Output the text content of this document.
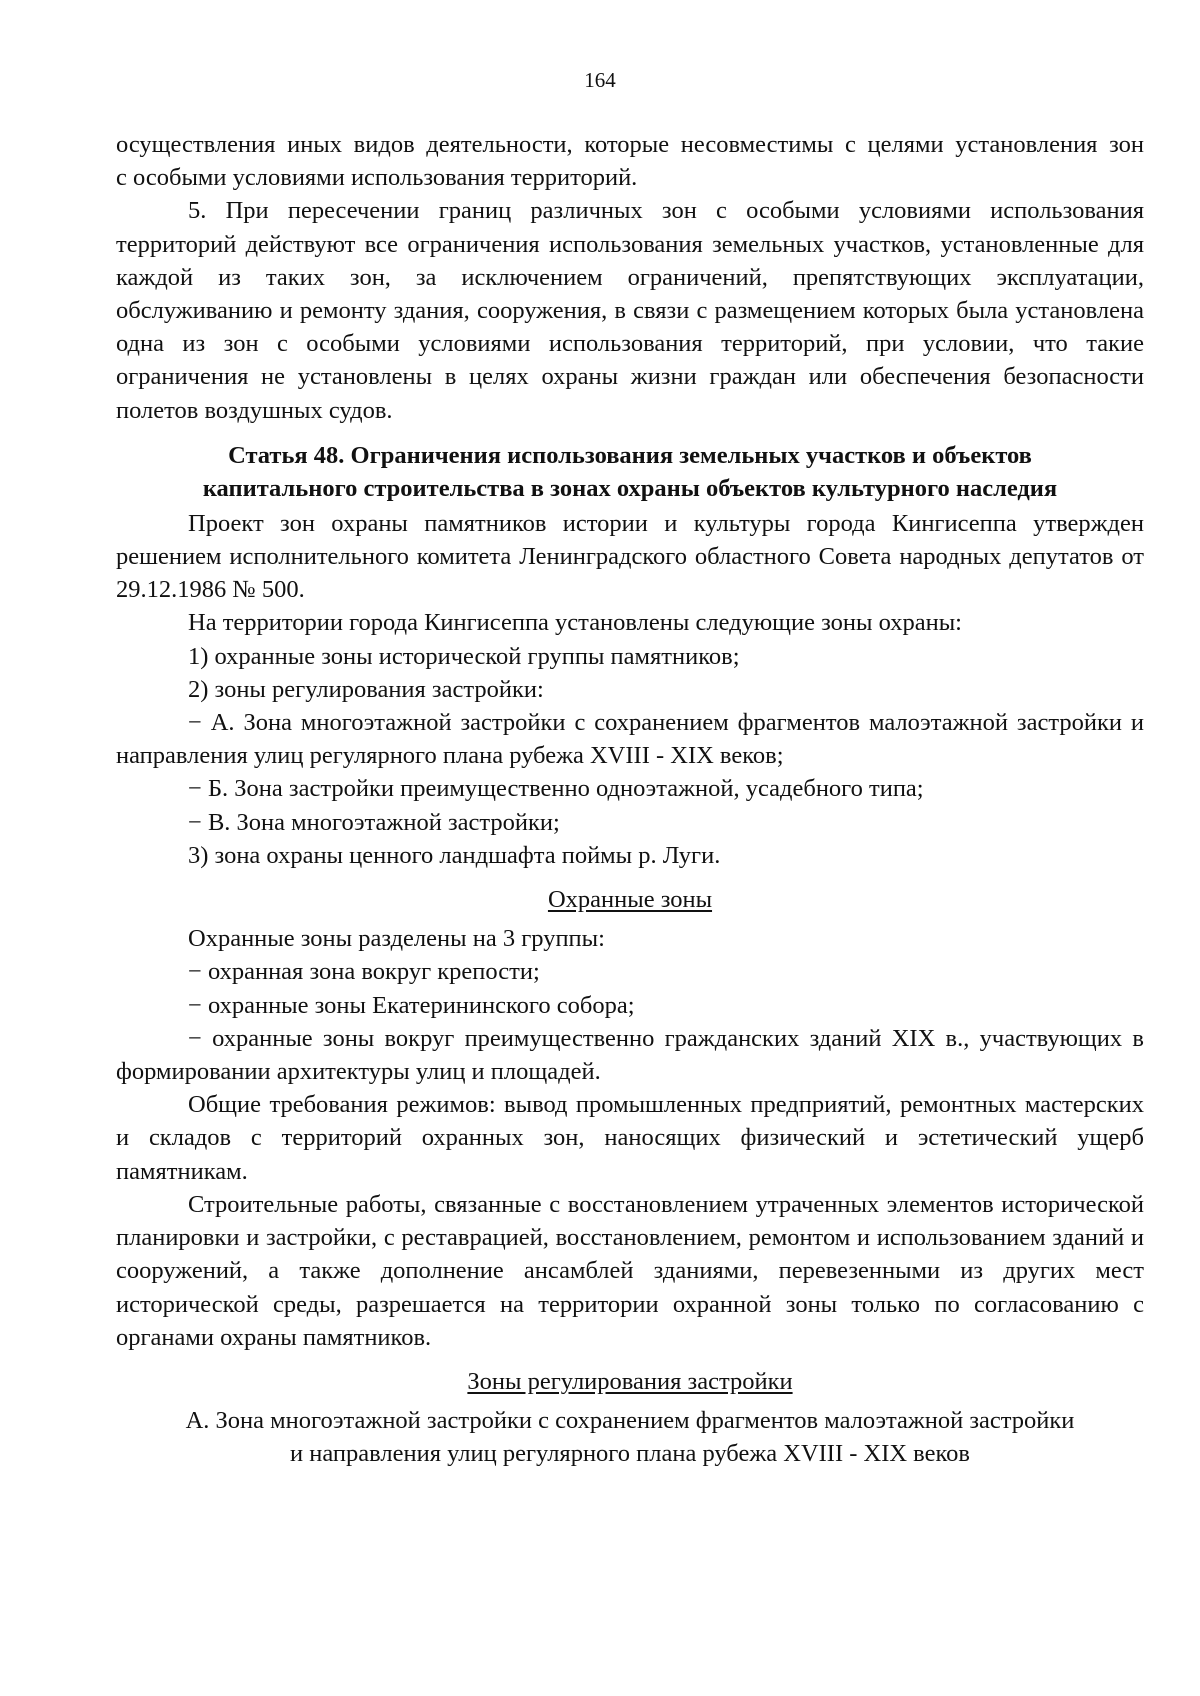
164

осуществления иных видов деятельности, которые несовместимы с целями установления зон

с особыми условиями использования территорий.

5. При пересечении границ различных зон с особыми условиями использования территорий действуют все ограничения использования земельных участков, установленные для каждой из таких зон, за исключением ограничений, препятствующих эксплуатации, обслуживанию и ремонту здания, сооружения, в связи с размещением которых была установлена одна из зон с особыми условиями использования территорий, при условии, что такие ограничения не установлены в целях охраны жизни граждан или обеспечения безопасности полетов воздушных судов.

Статья 48. Ограничения использования земельных участков и объектов
капитального строительства в зонах охраны объектов культурного наследия

Проект зон охраны памятников истории и культуры города Кингисеппа утвержден решением исполнительного комитета Ленинградского областного Совета народных депутатов от 29.12.1986 № 500.

На территории города Кингисеппа установлены следующие зоны охраны:

1) охранные зоны исторической группы памятников;

2) зоны регулирования застройки:

− А. Зона многоэтажной застройки с сохранением фрагментов малоэтажной застройки и направления улиц регулярного плана рубежа XVIII - XIX веков;

− Б. Зона застройки преимущественно одноэтажной, усадебного типа;

− В. Зона многоэтажной застройки;

3) зона охраны ценного ландшафта поймы р. Луги.

Охранные зоны

Охранные зоны разделены на 3 группы:

− охранная зона вокруг крепости;

− охранные зоны Екатерининского собора;

− охранные зоны вокруг преимущественно гражданских зданий XIX в., участвующих в формировании архитектуры улиц и площадей.

Общие требования режимов: вывод промышленных предприятий, ремонтных мастерских и складов с территорий охранных зон, наносящих физический и эстетический ущерб памятникам.

Строительные работы, связанные с восстановлением утраченных элементов исторической планировки и застройки, с реставрацией, восстановлением, ремонтом и использованием зданий и сооружений, а также дополнение ансамблей зданиями, перевезенными из других мест исторической среды, разрешается на территории охранной зоны только по согласованию с органами охраны памятников.

Зоны регулирования застройки
А. Зона многоэтажной застройки с сохранением фрагментов малоэтажной застройки
и направления улиц регулярного плана рубежа XVIII - XIX веков
